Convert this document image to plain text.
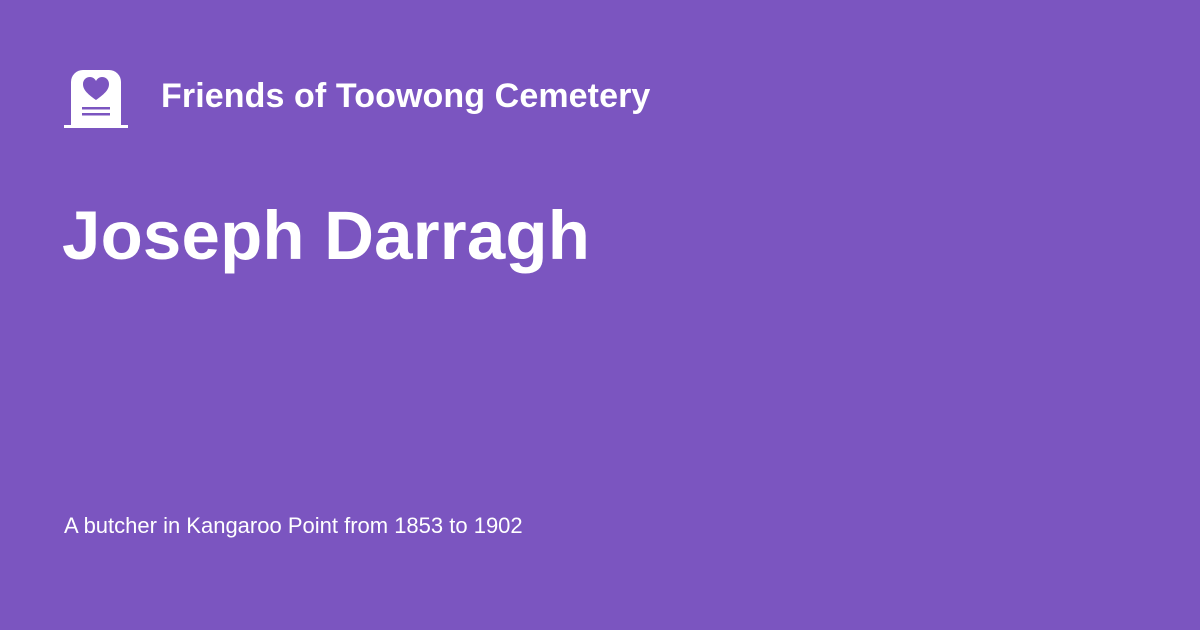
Friends of Toowong Cemetery
Joseph Darragh

A butcher in Kangaroo Point from 1853 to 1902
